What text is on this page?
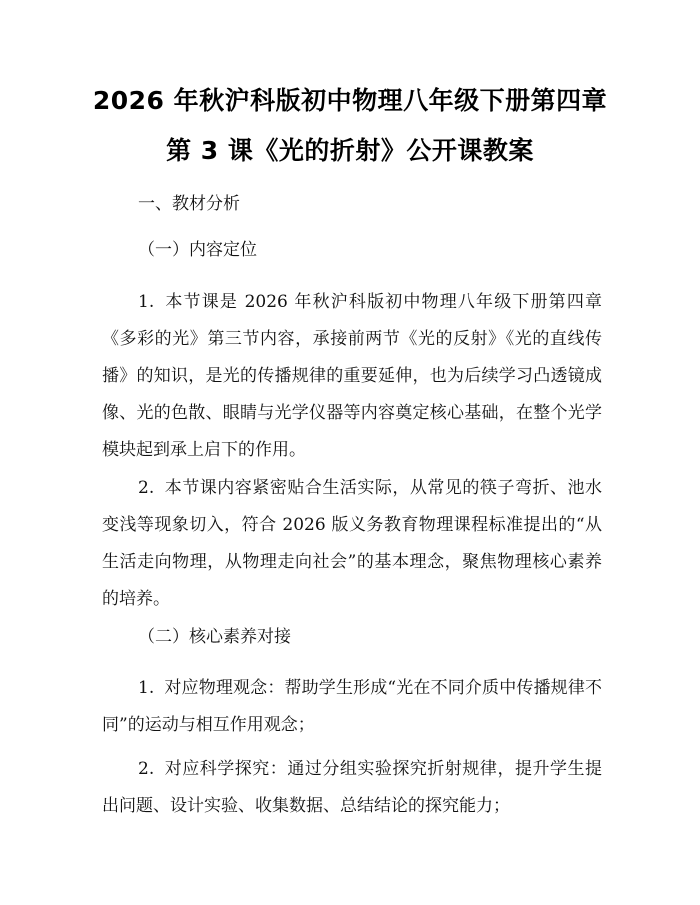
2026 年秋沪科版初中物理八年级下册第四章
第 3 课《光的折射》公开课教案
一、教材分析
（一）内容定位
1. 本节课是 2026 年秋沪科版初中物理八年级下册第四章《多彩的光》第三节内容，承接前两节《光的反射》《光的直线传播》的知识，是光的传播规律的重要延伸，也为后续学习凸透镜成像、光的色散、眼睛与光学仪器等内容奠定核心基础，在整个光学模块起到承上启下的作用。
2. 本节课内容紧密贴合生活实际，从常见的筷子弯折、池水变浅等现象切入，符合 2026 版义务教育物理课程标准提出的“从生活走向物理，从物理走向社会”的基本理念，聚焦物理核心素养的培养。
（二）核心素养对接
1. 对应物理观念：帮助学生形成“光在不同介质中传播规律不同”的运动与相互作用观念；
2. 对应科学探究：通过分组实验探究折射规律，提升学生提出问题、设计实验、收集数据、总结结论的探究能力；
